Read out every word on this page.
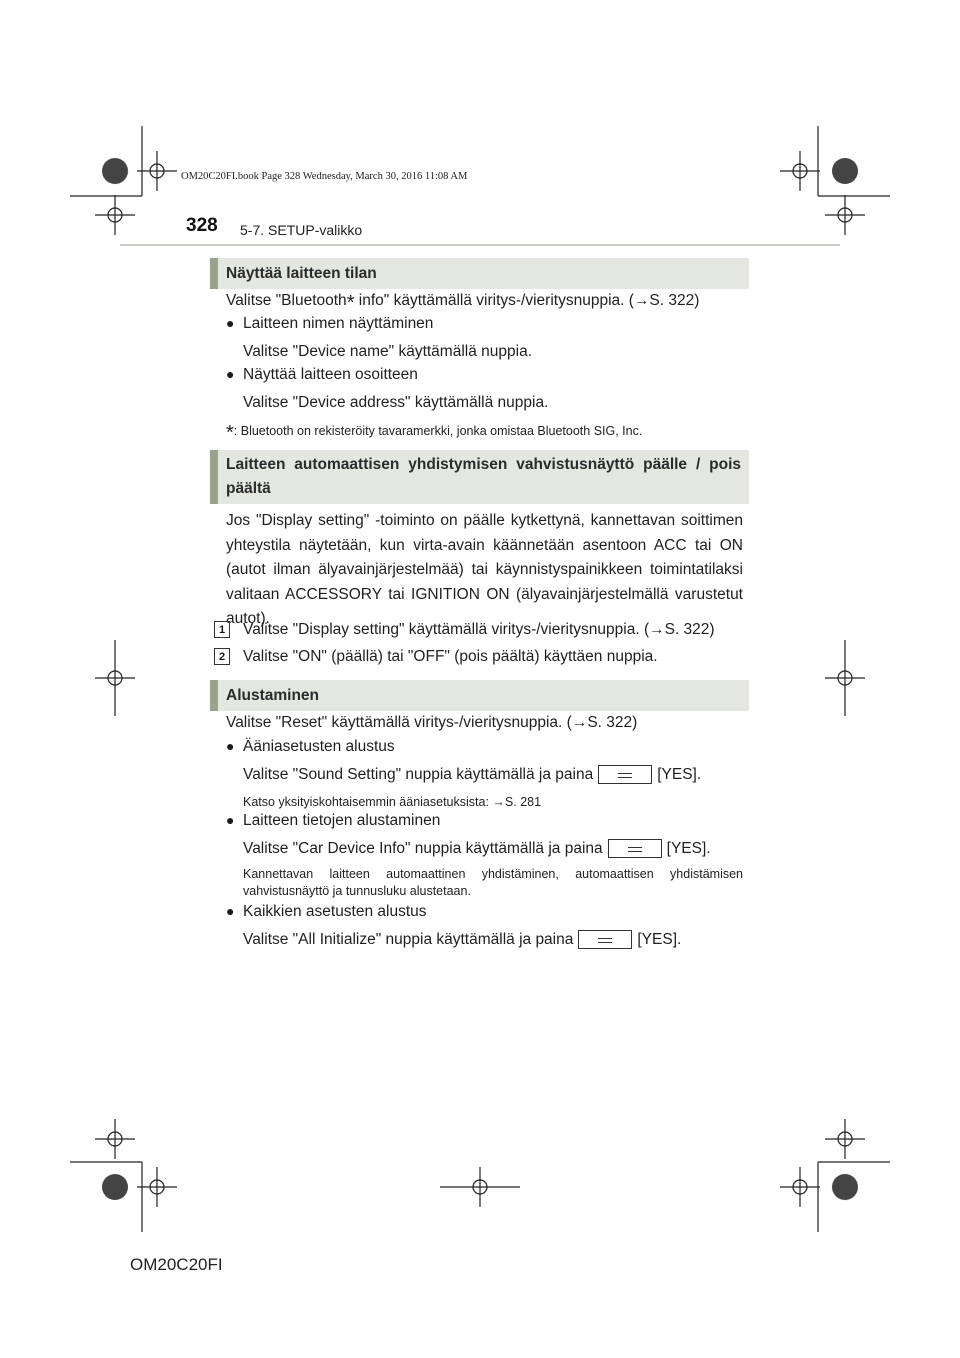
OM20C20FI.book Page 328 Wednesday, March 30, 2016 11:08 AM
328 5-7. SETUP-valikko
Näyttää laitteen tilan
Valitse "Bluetooth* info" käyttämällä viritys-/vieritysnuppia. (→S. 322)
● Laitteen nimen näyttäminen
Valitse "Device name" käyttämällä nuppia.
● Näyttää laitteen osoitteen
Valitse "Device address" käyttämällä nuppia.
*: Bluetooth on rekisteröity tavaramerkki, jonka omistaa Bluetooth SIG, Inc.
Laitteen automaattisen yhdistymisen vahvistusnäyttö päälle / pois päältä
Jos "Display setting" -toiminto on päälle kytkettynä, kannettavan soittimen yhteystila näytetään, kun virta-avain käännetään asentoon ACC tai ON (autot ilman älyavainjärjestelmää) tai käynnistyspainikkeen toimintatilaksi valitaan ACCESSORY tai IGNITION ON (älyavainjärjestelmällä varustetut autot).
1	Valitse "Display setting" käyttämällä viritys-/vieritysnuppia. (→S. 322)
2	Valitse "ON" (päällä) tai "OFF" (pois päältä) käyttäen nuppia.
Alustaminen
Valitse "Reset" käyttämällä viritys-/vieritysnuppia. (→S. 322)
● Ääniasetusten alustus
Valitse "Sound Setting" nuppia käyttämällä ja paina	[YES].
Katso yksityiskohtaisemmin ääniasetuksista: →S. 281
● Laitteen tietojen alustaminen
Valitse "Car Device Info" nuppia käyttämällä ja paina	[YES].
Kannettavan laitteen automaattinen yhdistäminen, automaattisen yhdistämisen vahvistusnäyttö ja tunnusluku alustetaan.
● Kaikkien asetusten alustus
Valitse "All Initialize" nuppia käyttämällä ja paina	[YES].
OM20C20FI
